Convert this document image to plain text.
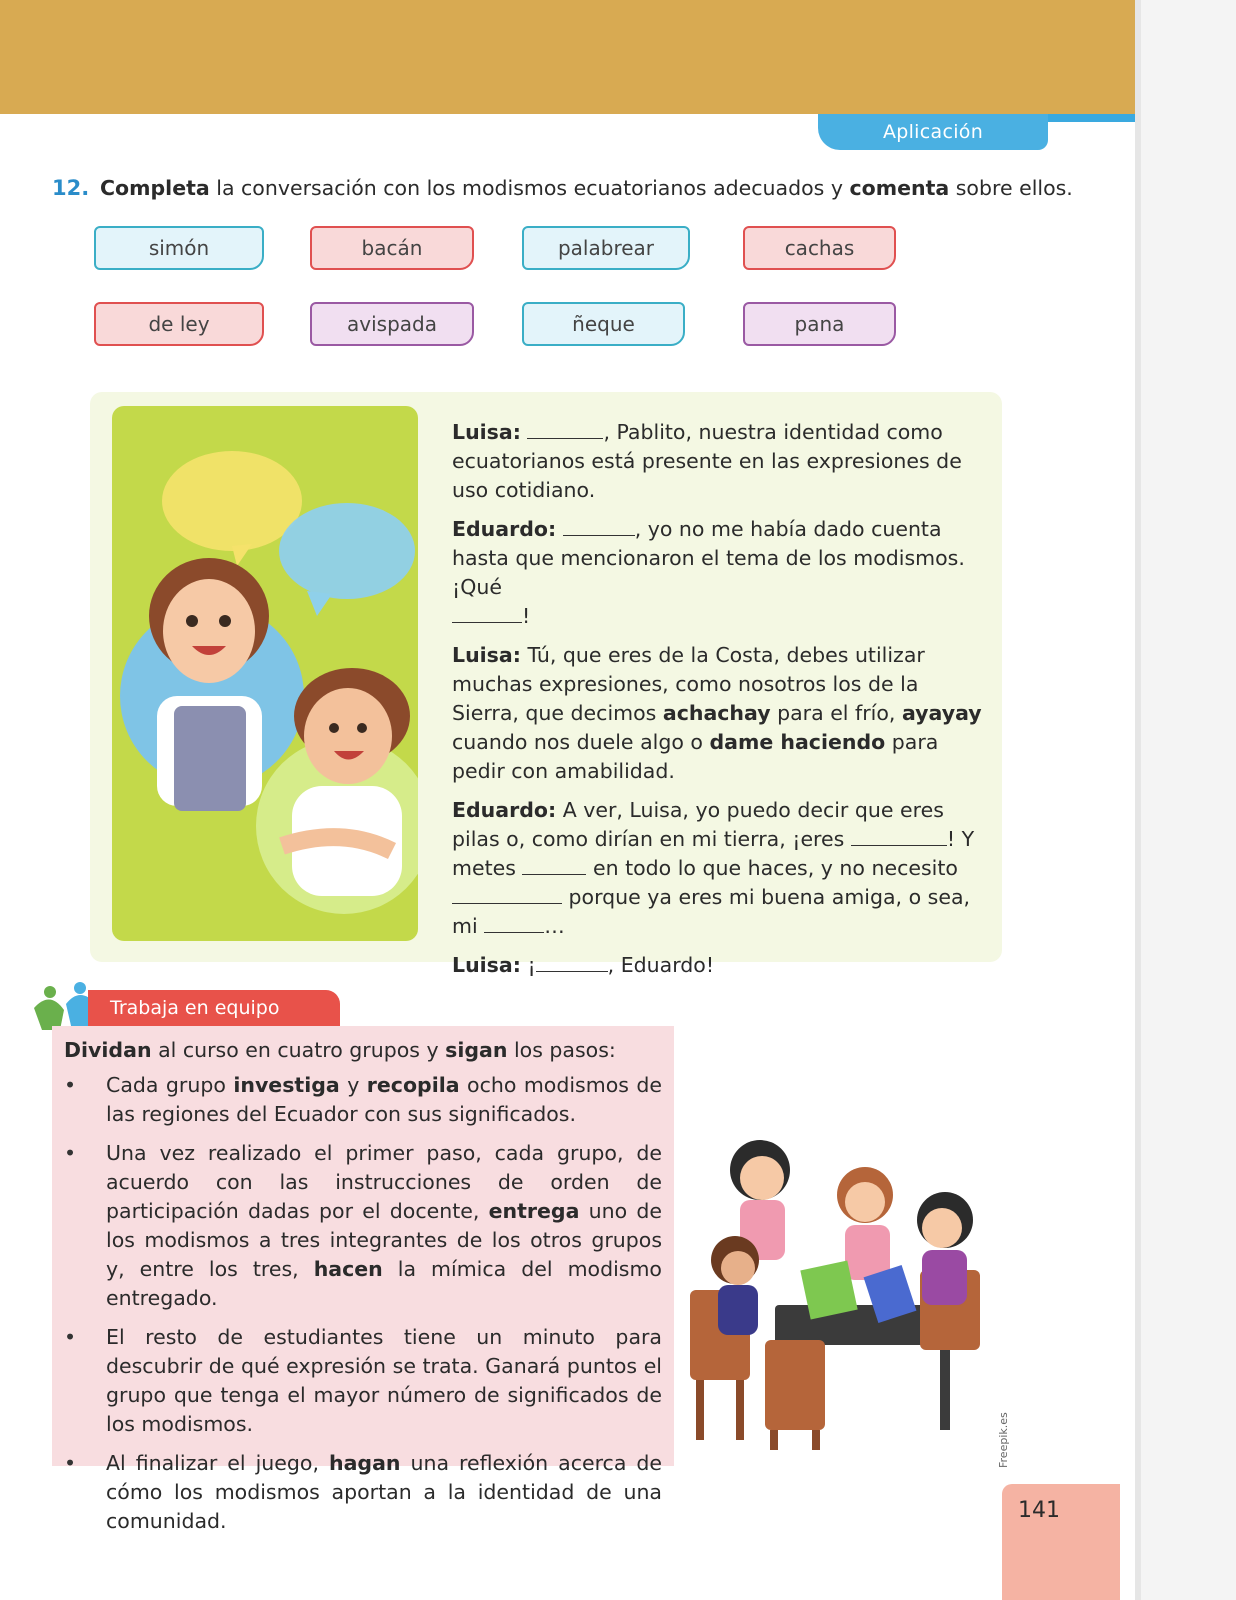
Aplicación
12. Completa la conversación con los modismos ecuatorianos adecuados y comenta sobre ellos.
simón	bacán	palabrear	cachas
de ley	avispada	ñeque	pana

Luisa:	, Pablito, nuestra identidad como ecuatorianos está presente en las expresiones de uso cotidiano.

Eduardo:	, yo no me había dado cuenta hasta que mencionaron el tema de los modismos. ¡Qué
!

Luisa: Tú, que eres de la Costa, debes utilizar muchas expresiones, como nosotros los de la Sierra, que decimos achachay para el frío, ayayay cuando nos duele algo o dame haciendo para pedir con amabilidad.

Eduardo: A ver, Luisa, yo puedo decir que eres pilas o, como dirían en mi tierra, ¡eres	! Y metes	en todo lo que haces, y no necesito  porque ya eres mi buena amiga, o sea, mi	…

Luisa: ¡	, Eduardo!

Trabaja en equipo
Dividan al curso en cuatro grupos y sigan los pasos:
• Cada grupo investiga y recopila ocho modismos de las regiones del Ecuador con sus significados.
• Una vez realizado el primer paso, cada grupo, de acuerdo con las instrucciones de orden de participación dadas por el docente, entrega uno de los modismos a tres integrantes de los otros grupos y, entre los tres, hacen la mímica del modismo entregado.
• El resto de estudiantes tiene un minuto para descubrir de qué expresión se trata. Ganará puntos el grupo que tenga el mayor número de significados de los modismos.
• Al finalizar el juego, hagan una reflexión acerca de cómo los modismos aportan a la identidad de una comunidad.
Freepik.es
141
